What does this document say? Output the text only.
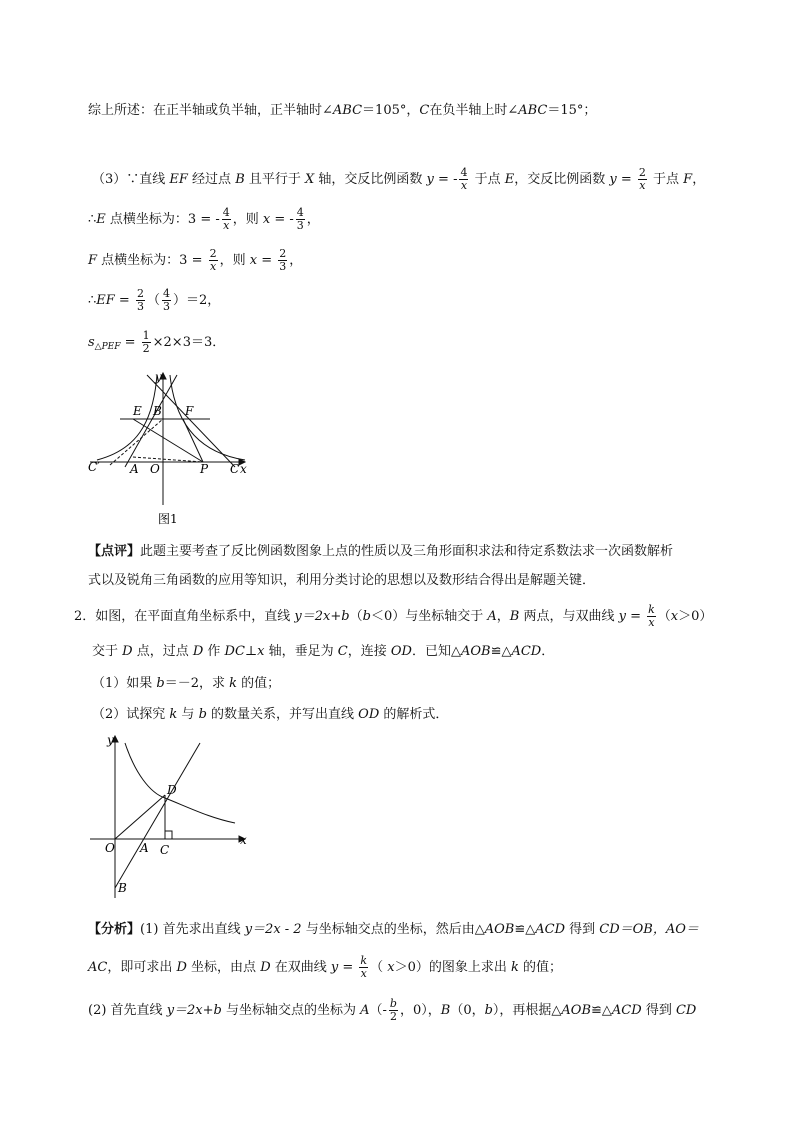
综上所述：在正半轴或负半轴，正半轴时∠ABC＝105°，C在负半轴上时∠ABC＝15°；
（3）∵直线 EF 经过点 B 且平行于 X 轴，交反比例函数 y = - $\frac{4}{x}$ 于点 E，交反比例函数 $y = \frac{2}{x}$ 于点 F，
∴E 点横坐标为：3 = - $\frac{4}{x}$ ，则 x = - $\frac{4}{3}$ ，
F 点横坐标为：$3 = \frac{2}{x}$ ，则 $x = \frac{2}{3}$ ，
∴EF = $\frac{2}{3}$ （ $\frac{4}{3} )=2$，
$s_{\triangle PEF} = \frac{1}{2} \times 2\times 3=3$．
y
E B F
C′	A O	P C x
图1
【点评】此题主要考查了反比例函数图象上点的性质以及三角形面积求法和待定系数法求一次函数解析
式以及锐角三角函数的应用等知识，利用分类讨论的思想以及数形结合得出是解题关键．
2．如图，在平面直角坐标系中，直线 y＝2x+b（b＜0）与坐标轴交于 A，B 两点，与双曲线 $y = \frac{k}{x} (x>0)$
交于 D 点，过点 D 作 DC⊥x 轴，垂足为 C，连接 OD．已知△AOB≌△ACD．
（1）如果 b＝－2，求 k 的值；
（2）试探究 k 与 b 的数量关系，并写出直线 OD 的解析式．
y
D
x
O A C
B
【分析】(1) 首先求出直线 y＝2x - 2 与坐标轴交点的坐标，然后由△AOB≌△ACD 得到 CD＝OB，AO＝
AC，即可求出 D 坐标，由点 D 在双曲线 $y = \frac{k}{x}$ （ x＞0）的图象上求出 k 的值；
(2) 首先直线 y＝2x+b 与坐标轴交点的坐标为 $A(- \frac{b}{2}$ ，0），B（0，b），再根据△AOB≌△ACD 得到 CD
